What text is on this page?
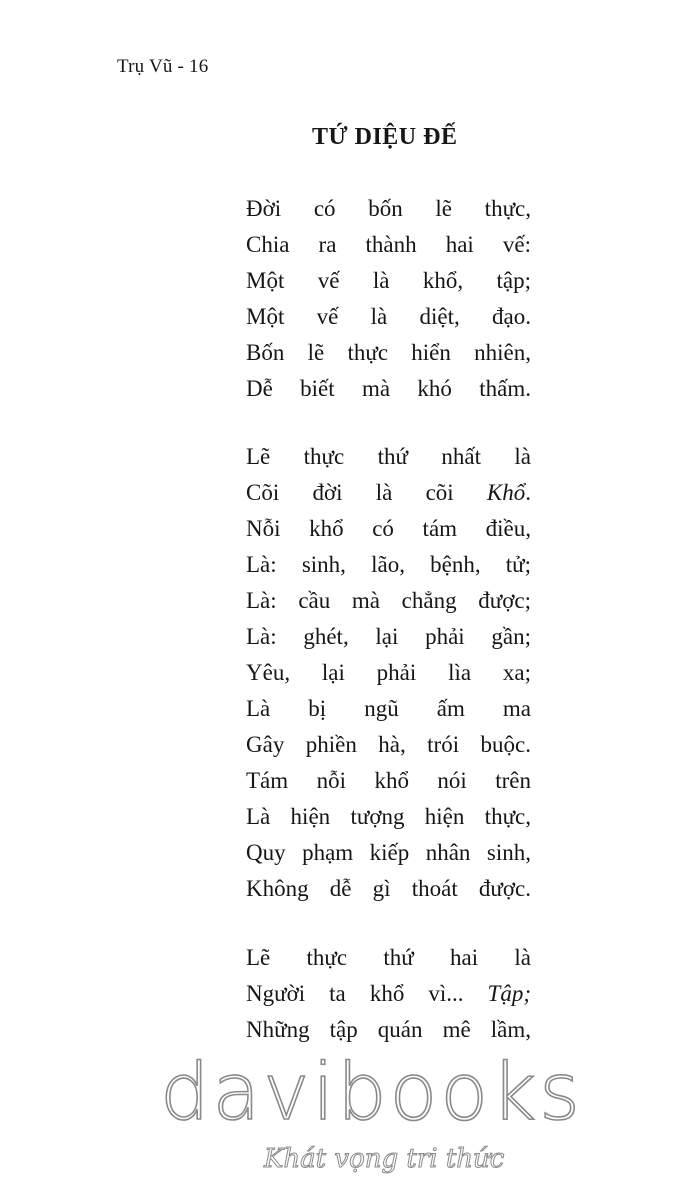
Trụ Vũ - 16
TỨ DIỆU ĐẾ
Đời có bốn lẽ thực,
Chia ra thành hai vế:
Một vế là khổ, tập;
Một vế là diệt, đạo.
Bốn lẽ thực hiển nhiên,
Dễ biết mà khó thấm.
Lẽ thực thứ nhất là
Cõi đời là cõi Khổ.
Nỗi khổ có tám điều,
Là: sinh, lão, bệnh, tử;
Là: cầu mà chẳng được;
Là: ghét, lại phải gần;
Yêu, lại phải lìa xa;
Là bị ngũ ấm ma
Gây phiền hà, trói buộc.
Tám nỗi khổ nói trên
Là hiện tượng hiện thực,
Quy phạm kiếp nhân sinh,
Không dễ gì thoát được.
Lẽ thực thứ hai là
Người ta khổ vì... Tập;
Những tập quán mê lầm,
davibooks
Khát vọng tri thức
